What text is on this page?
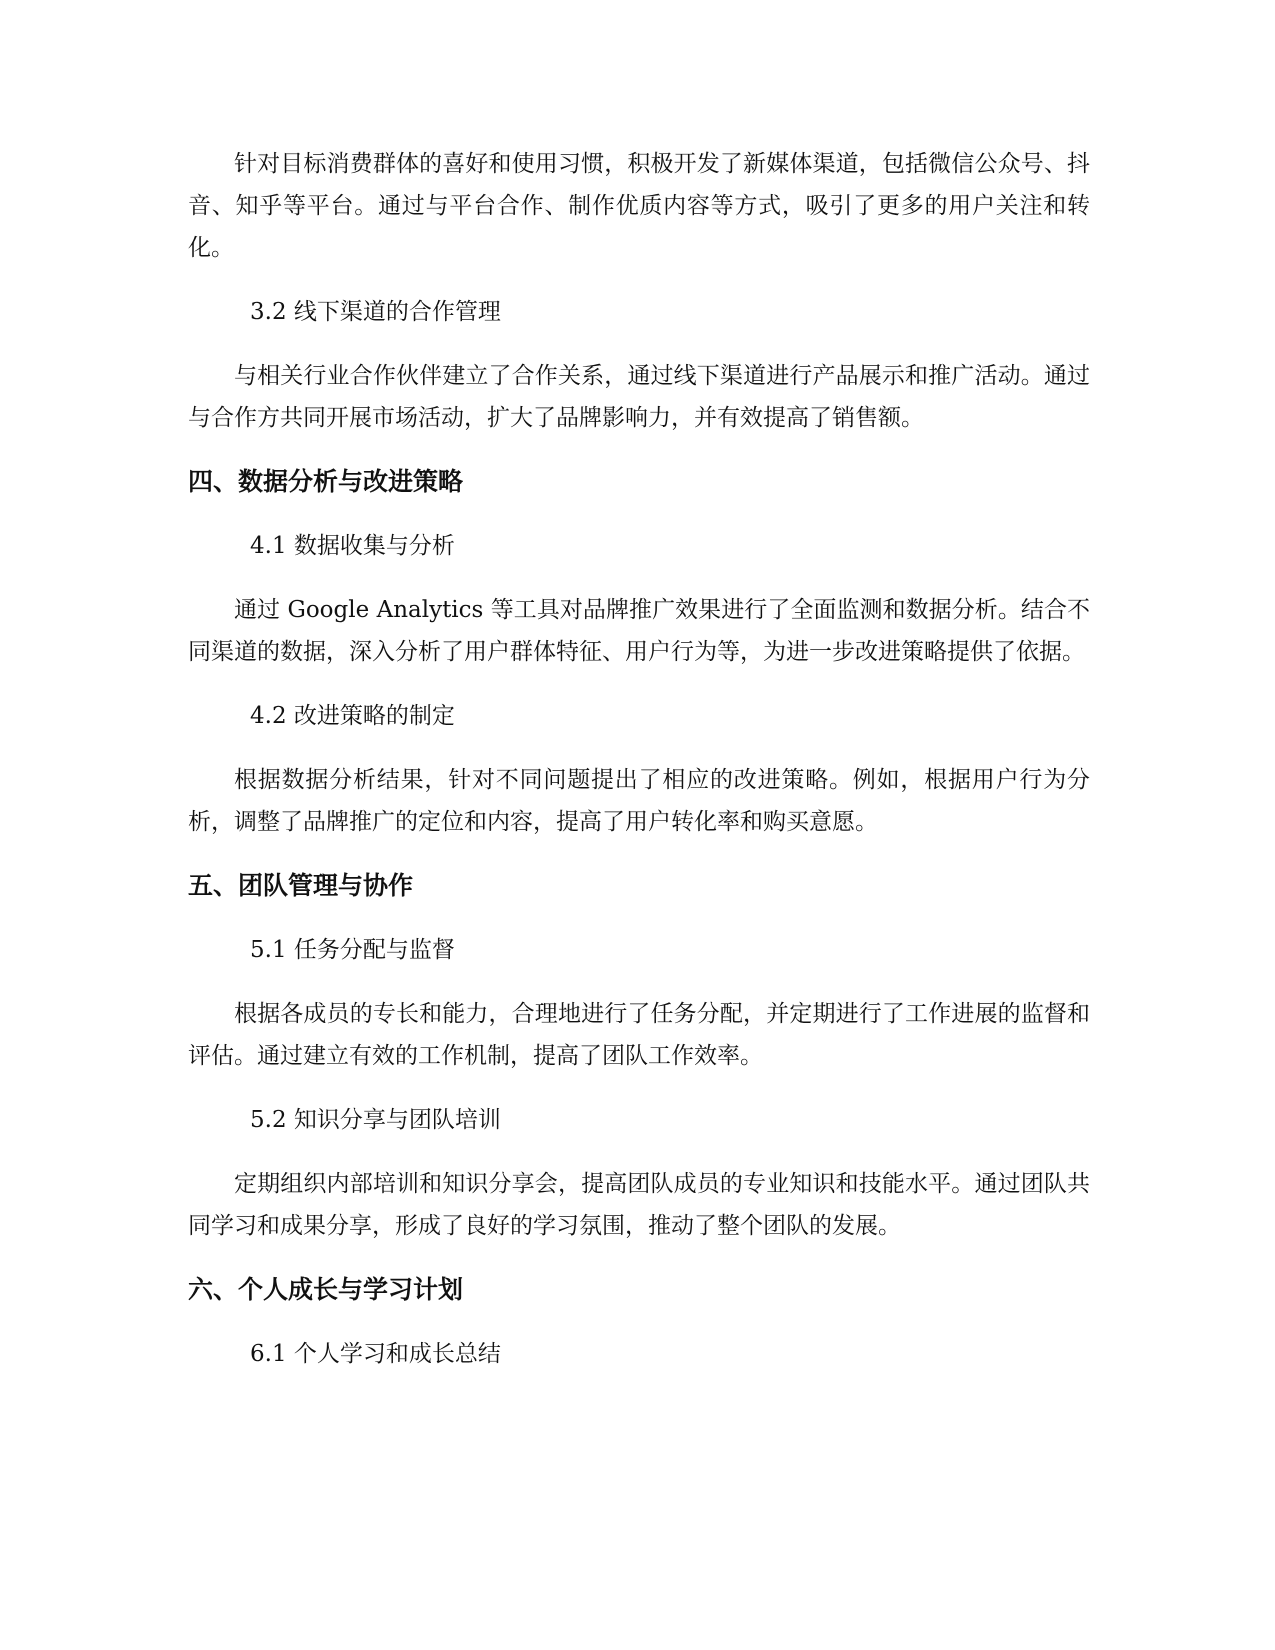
针对目标消费群体的喜好和使用习惯，积极开发了新媒体渠道，包括微信公众号、抖音、知乎等平台。通过与平台合作、制作优质内容等方式，吸引了更多的用户关注和转化。

3.2 线下渠道的合作管理

与相关行业合作伙伴建立了合作关系，通过线下渠道进行产品展示和推广活动。通过与合作方共同开展市场活动，扩大了品牌影响力，并有效提高了销售额。

四、数据分析与改进策略

4.1 数据收集与分析

通过 Google Analytics 等工具对品牌推广效果进行了全面监测和数据分析。结合不同渠道的数据，深入分析了用户群体特征、用户行为等，为进一步改进策略提供了依据。

4.2 改进策略的制定

根据数据分析结果，针对不同问题提出了相应的改进策略。例如，根据用户行为分析，调整了品牌推广的定位和内容，提高了用户转化率和购买意愿。

五、团队管理与协作

5.1 任务分配与监督

根据各成员的专长和能力，合理地进行了任务分配，并定期进行了工作进展的监督和评估。通过建立有效的工作机制，提高了团队工作效率。

5.2 知识分享与团队培训

定期组织内部培训和知识分享会，提高团队成员的专业知识和技能水平。通过团队共同学习和成果分享，形成了良好的学习氛围，推动了整个团队的发展。

六、个人成长与学习计划

6.1 个人学习和成长总结
